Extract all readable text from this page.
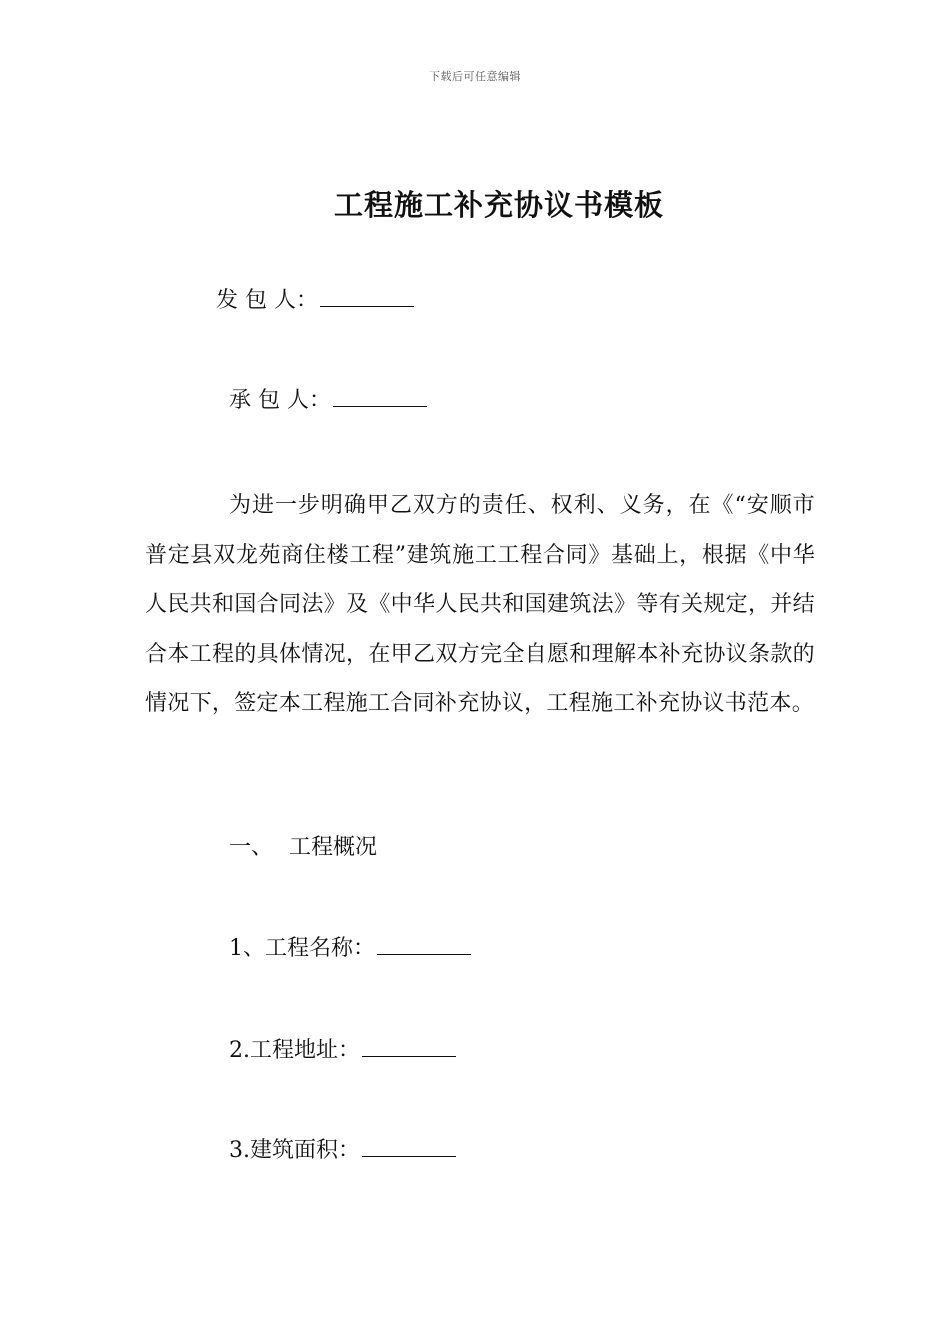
下载后可任意编辑
工程施工补充协议书模板
发 包 人：
承 包 人：
为进一步明确甲乙双方的责任、权利、义务，在《“安顺市普定县双龙苑商住楼工程”建筑施工工程合同》基础上，根据《中华人民共和国合同法》及《中华人民共和国建筑法》等有关规定，并结合本工程的具体情况，在甲乙双方完全自愿和理解本补充协议条款的情况下，签定本工程施工合同补充协议，工程施工补充协议书范本。
一、 工程概况
1、工程名称：
2.工程地址：
3.建筑面积：
